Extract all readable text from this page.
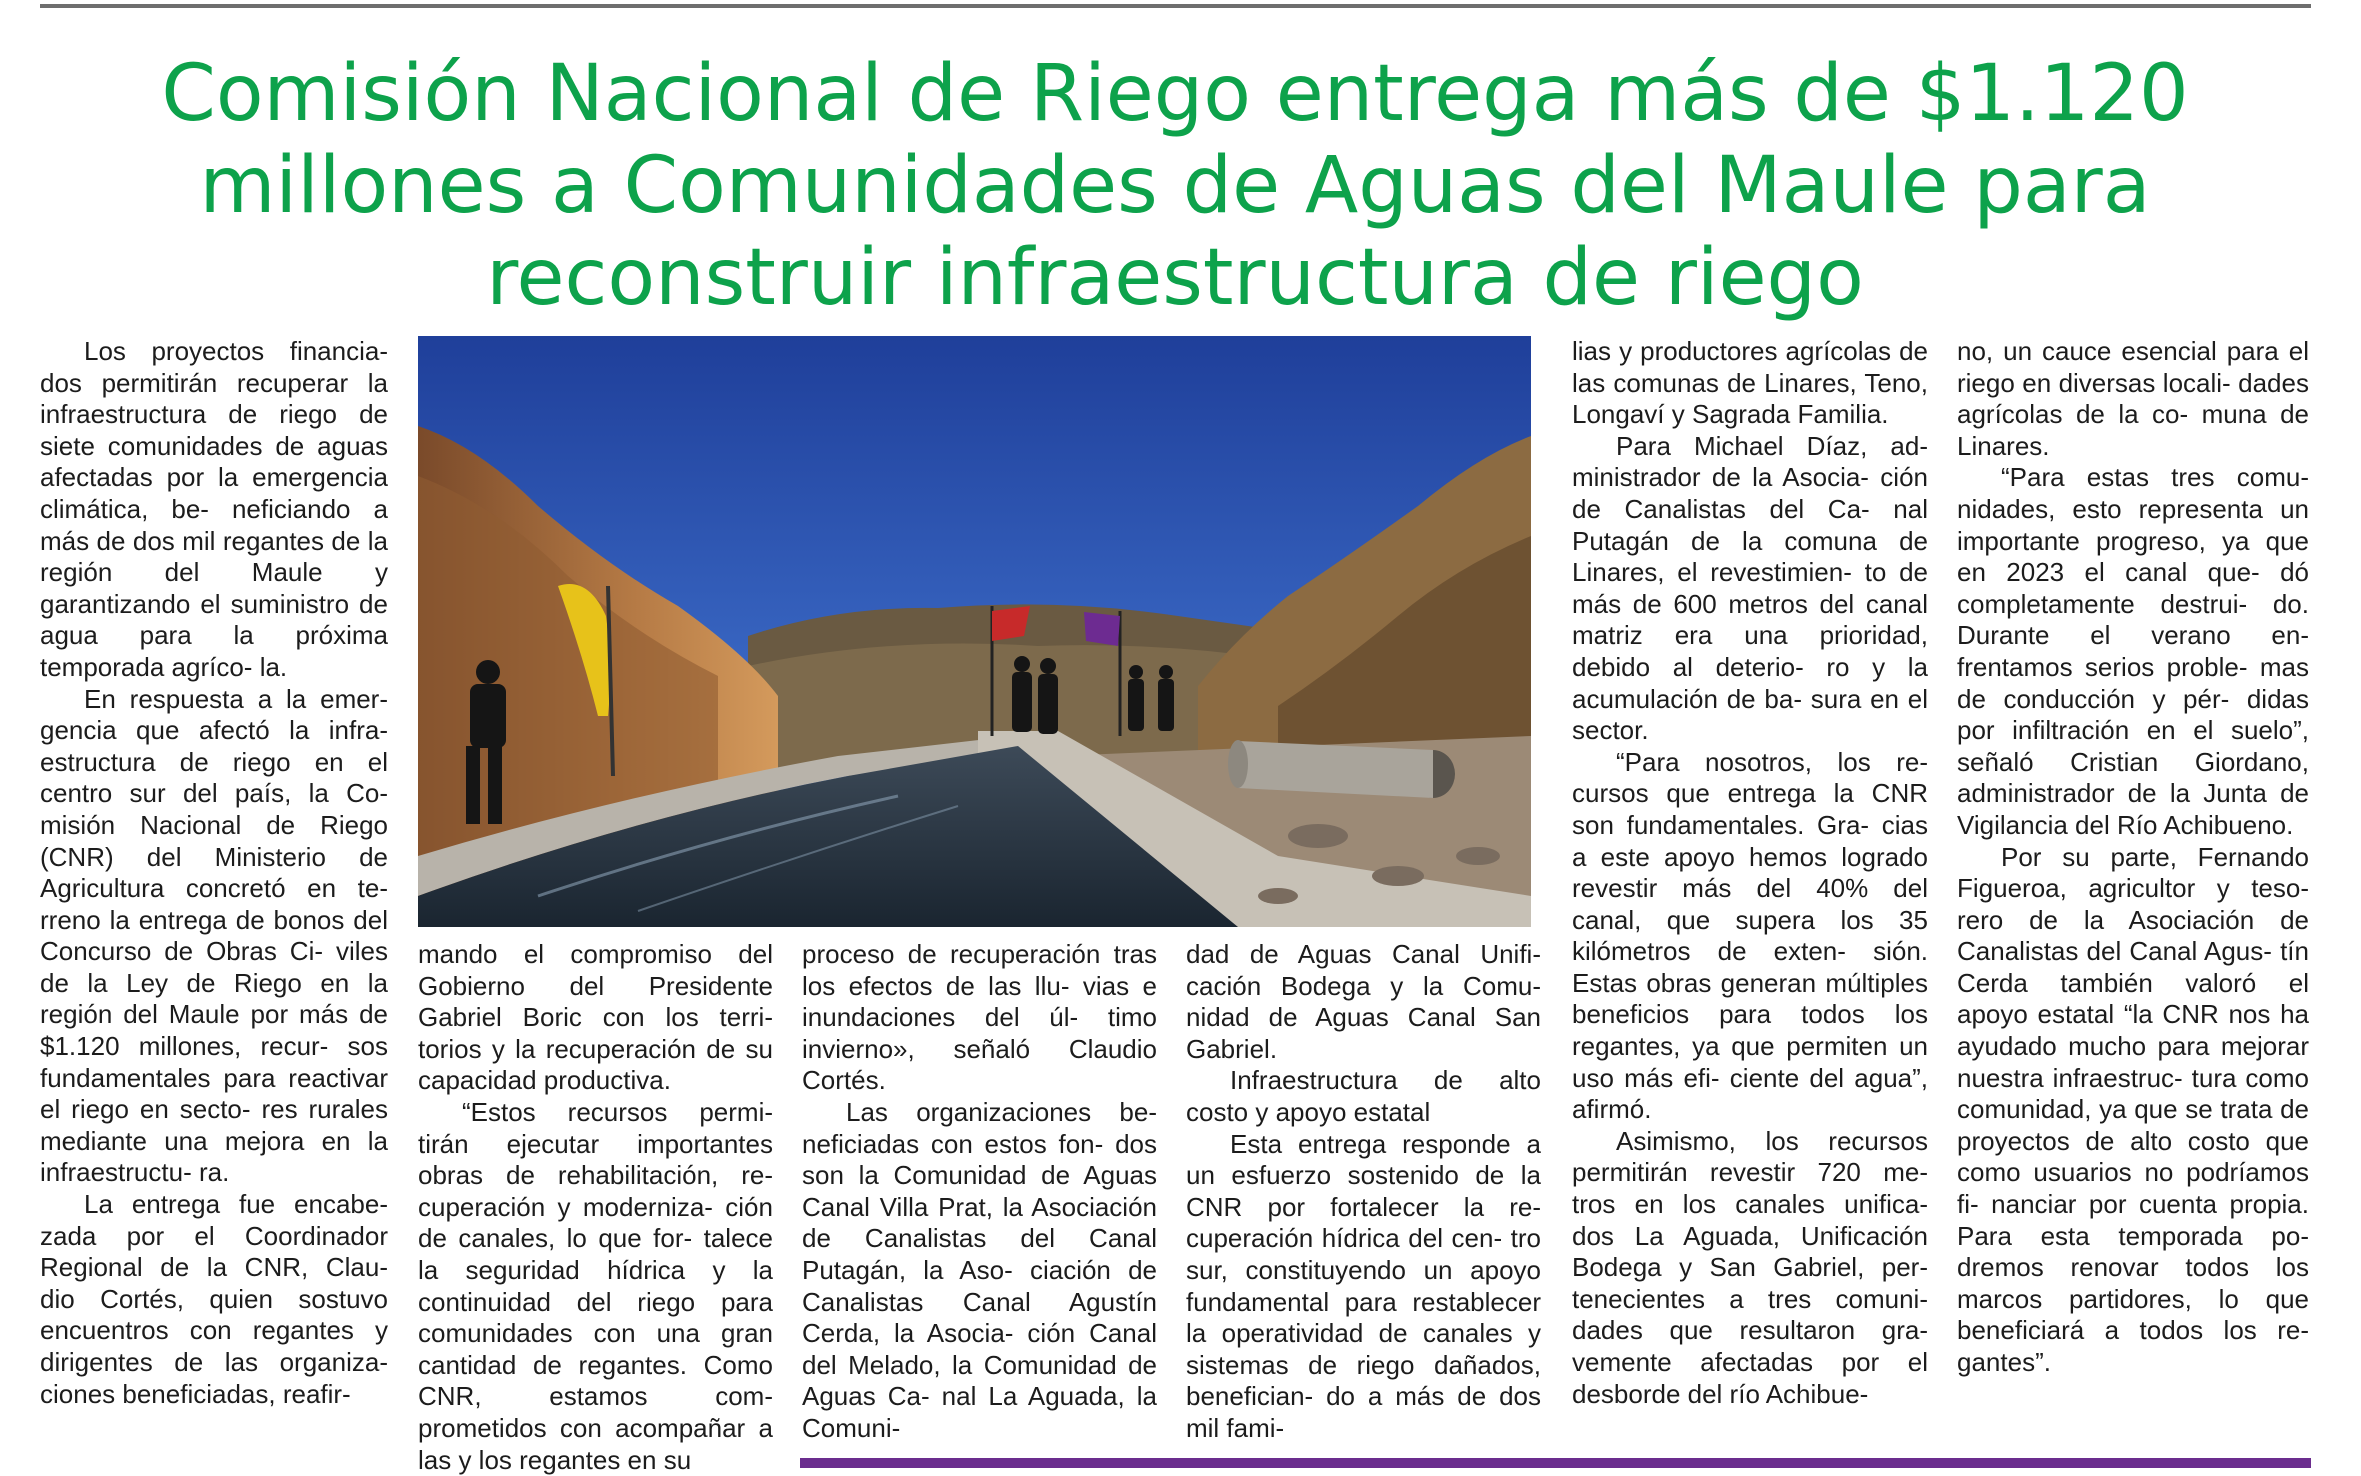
Comisión Nacional de Riego entrega más de $1.120
millones a Comunidades de Aguas del Maule para
reconstruir infraestructura de riego

Los proyectos financia- dos permitirán recuperar la infraestructura de riego de siete comunidades de aguas afectadas por la emergencia climática, be- neficiando a más de dos mil regantes de la región del Maule y garantizando el suministro de agua para la próxima temporada agríco- la.

En respuesta a la emer- gencia que afectó la infra- estructura de riego en el centro sur del país, la Co- misión Nacional de Riego (CNR) del Ministerio de Agricultura concretó en te- rreno la entrega de bonos del Concurso de Obras Ci- viles de la Ley de Riego en la región del Maule por más de $1.120 millones, recur- sos fundamentales para reactivar el riego en secto- res rurales mediante una mejora en la infraestructu- ra.

La entrega fue encabe- zada por el Coordinador Regional de la CNR, Clau- dio Cortés, quien sostuvo encuentros con regantes y dirigentes de las organiza- ciones beneficiadas, reafir-

mando el compromiso del Gobierno del Presidente Gabriel Boric con los terri- torios y la recuperación de su capacidad productiva.

“Estos recursos permi- tirán ejecutar importantes obras de rehabilitación, re- cuperación y moderniza- ción de canales, lo que for- talece la seguridad hídrica y la continuidad del riego para comunidades con una gran cantidad de regantes. Como CNR, estamos com- prometidos con acompañar a las y los regantes en su

proceso de recuperación tras los efectos de las llu- vias e inundaciones del úl- timo invierno», señaló Claudio Cortés.

Las organizaciones be- neficiadas con estos fon- dos son la Comunidad de Aguas Canal Villa Prat, la Asociación de Canalistas del Canal Putagán, la Aso- ciación de Canalistas Canal Agustín Cerda, la Asocia- ción Canal del Melado, la Comunidad de Aguas Ca- nal La Aguada, la Comuni-

dad de Aguas Canal Unifi- cación Bodega y la Comu- nidad de Aguas Canal San Gabriel.

Infraestructura de alto costo y apoyo estatal

Esta entrega responde a un esfuerzo sostenido de la CNR por fortalecer la re- cuperación hídrica del cen- tro sur, constituyendo un apoyo fundamental para restablecer la operatividad de canales y sistemas de riego dañados, benefician- do a más de dos mil fami-

lias y productores agrícolas de las comunas de Linares, Teno, Longaví y Sagrada Familia.

Para Michael Díaz, ad- ministrador de la Asocia- ción de Canalistas del Ca- nal Putagán de la comuna de Linares, el revestimien- to de más de 600 metros del canal matriz era una prioridad, debido al deterio- ro y la acumulación de ba- sura en el sector.

“Para nosotros, los re- cursos que entrega la CNR son fundamentales. Gra- cias a este apoyo hemos logrado revestir más del 40% del canal, que supera los 35 kilómetros de exten- sión. Estas obras generan múltiples beneficios para todos los regantes, ya que permiten un uso más efi- ciente del agua”, afirmó.

Asimismo, los recursos permitirán revestir 720 me- tros en los canales unifica- dos La Aguada, Unificación Bodega y San Gabriel, per- tenecientes a tres comuni- dades que resultaron gra- vemente afectadas por el desborde del río Achibue-

no, un cauce esencial para el riego en diversas locali- dades agrícolas de la co- muna de Linares.

“Para estas tres comu- nidades, esto representa un importante progreso, ya que en 2023 el canal que- dó completamente destrui- do. Durante el verano en- frentamos serios proble- mas de conducción y pér- didas por infiltración en el suelo”, señaló Cristian Giordano, administrador de la Junta de Vigilancia del Río Achibueno.

Por su parte, Fernando Figueroa, agricultor y teso- rero de la Asociación de Canalistas del Canal Agus- tín Cerda también valoró el apoyo estatal “la CNR nos ha ayudado mucho para mejorar nuestra infraestruc- tura como comunidad, ya que se trata de proyectos de alto costo que como usuarios no podríamos fi- nanciar por cuenta propia. Para esta temporada po- dremos renovar todos los marcos partidores, lo que beneficiará a todos los re- gantes”.
